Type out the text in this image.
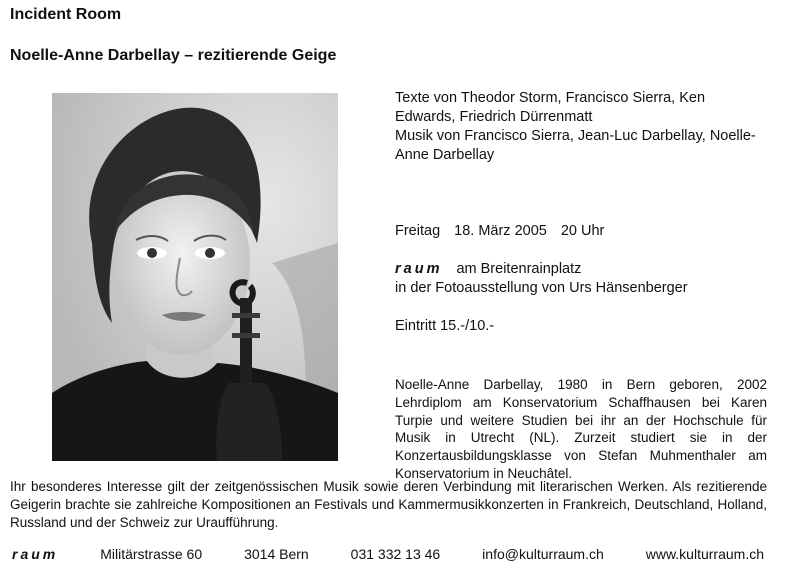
Incident Room
Noelle-Anne Darbellay – rezitierende Geige

Texte von Theodor Storm, Francisco Sierra, Ken Edwards, Friedrich Dürrenmatt

Musik von Francisco Sierra, Jean-Luc Darbellay, Noelle-Anne Darbellay

Freitag 18. März 2005 20 Uhr
raum am Breitenrainplatz
in der Fotoausstellung von Urs Hänsenberger
Eintritt 15.-/10.-
Noelle-Anne Darbellay, 1980 in Bern geboren, 2002 Lehrdiplom am Konservatorium Schaffhausen bei Karen Turpie und weitere Studien bei ihr an der Hochschule für Musik in Utrecht (NL). Zurzeit studiert sie in der Konzertausbildungsklasse von Stefan Muhmenthaler am Konservatorium in Neuchâtel.
Ihr besonderes Interesse gilt der zeitgenössischen Musik sowie deren Verbindung mit literarischen Werken. Als rezitierende Geigerin brachte sie zahlreiche Kompositionen an Festivals und Kammermusikkonzerten in Frankreich, Deutschland, Holland, Russland und der Schweiz zur Uraufführung.
raum	Militärstrasse 60	3014 Bern	031 332 13 46	info@kulturraum.ch	www.kulturraum.ch
